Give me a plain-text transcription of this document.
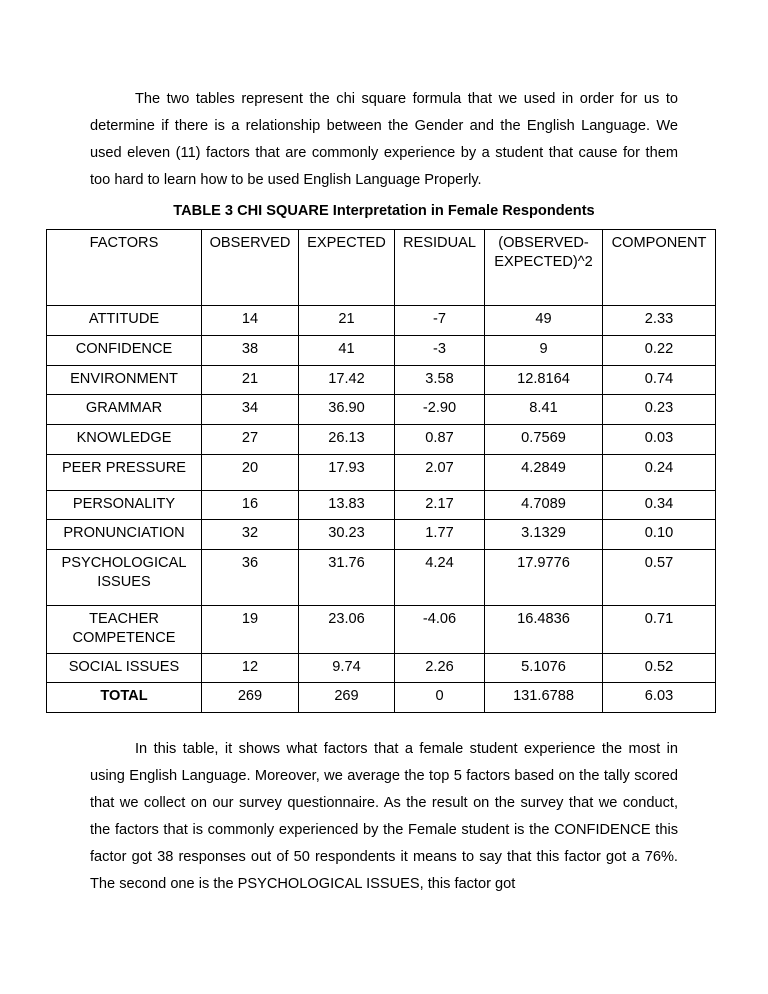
The two tables represent the chi square formula that we used in order for us to determine if there is a relationship between the Gender and the English Language. We used eleven (11) factors that are commonly experience by a student that cause for them too hard to learn how to be used English Language Properly.

TABLE 3 CHI SQUARE Interpretation in Female Respondents
FACTORS	OBSERVED	EXPECTED	RESIDUAL	(OBSERVED-EXPECTED)^2	COMPONENT
ATTITUDE	14	21	-7	49	2.33
CONFIDENCE	38	41	-3	9	0.22
ENVIRONMENT	21	17.42	3.58	12.8164	0.74
GRAMMAR	34	36.90	-2.90	8.41	0.23
KNOWLEDGE	27	26.13	0.87	0.7569	0.03
PEER PRESSURE	20	17.93	2.07	4.2849	0.24
PERSONALITY	16	13.83	2.17	4.7089	0.34
PRONUNCIATION	32	30.23	1.77	3.1329	0.10
PSYCHOLOGICAL ISSUES	36	31.76	4.24	17.9776	0.57
TEACHER COMPETENCE	19	23.06	-4.06	16.4836	0.71
SOCIAL ISSUES	12	9.74	2.26	5.1076	0.52
TOTAL	269	269	0	131.6788	6.03

In this table, it shows what factors that a female student experience the most in using English Language. Moreover, we average the top 5 factors based on the tally scored that we collect on our survey questionnaire. As the result on the survey that we conduct, the factors that is commonly experienced by the Female student is the CONFIDENCE this factor got 38 responses out of 50 respondents it means to say that this factor got a 76%. The second one is the PSYCHOLOGICAL ISSUES, this factor got
